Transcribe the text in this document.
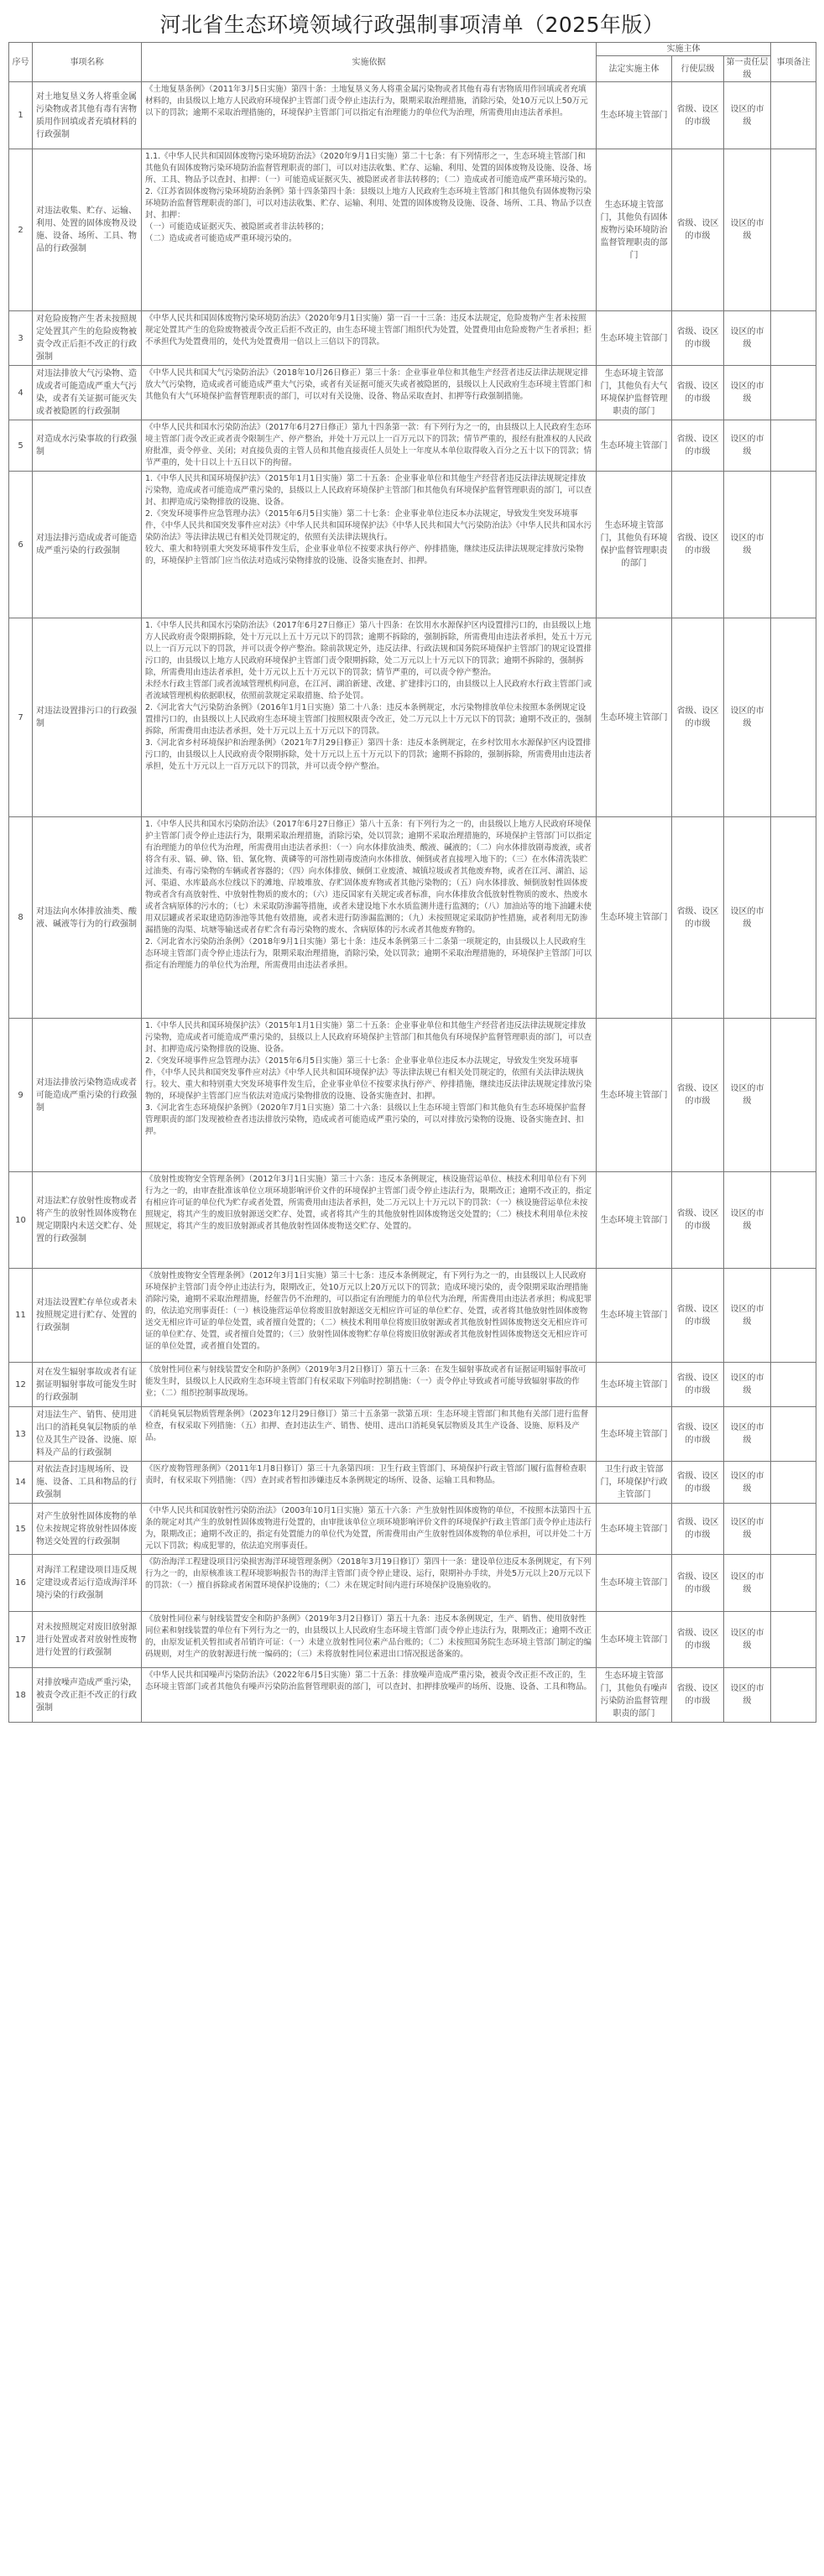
河北省生态环境领域行政强制事项清单（2025年版）
序号	事项名称	实施依据	实施主体			事项备注
			法定实施主体	行使层级	第一责任层级	
1	对土地复垦义务人将重金属污染物或者其他有毒有害物质用作回填或者充填材料的行政强制	《土地复垦条例》（2011年3月5日实施）第四十条：土地复垦义务人将重金属污染物或者其他有毒有害物质用作回填或者充填材料的，由县级以上地方人民政府环境保护主管部门责令停止违法行为，限期采取治理措施，消除污染，处10万元以上50万元以下的罚款；逾期不采取治理措施的，环境保护主管部门可以指定有治理能力的单位代为治理，所需费用由违法者承担。	生态环境主管部门	省级、设区的市级	设区的市级	
2	对违法收集、贮存、运输、利用、处置的固体废物及设施、设备、场所、工具、物品的行政强制	1.1.《中华人民共和国固体废物污染环境防治法》（2020年9月1日实施）第二十七条：有下列情形之一，生态环境主管部门和其他负有固体废物污染环境防治监督管理职责的部门，可以对违法收集、贮存、运输、利用、处置的固体废物及设施、设备、场所、工具、物品予以查封、扣押：（一）可能造成证据灭失、被隐匿或者非法转移的；（二）造成或者可能造成严重环境污染的。

2.《江苏省固体废物污染环境防治条例》第十四条第四十条：县级以上地方人民政府生态环境主管部门和其他负有固体废物污染环境防治监督管理职责的部门，可以对违法收集、贮存、运输、利用、处置的固体废物及设施、设备、场所、工具、物品予以查封、扣押：

（一）可能造成证据灭失、被隐匿或者非法转移的；

（二）造成或者可能造成严重环境污染的。	生态环境主管部门，其他负有固体废物污染环境防治监督管理职责的部门	省级、设区的市级	设区的市级	
3	对危险废物产生者未按照规定处置其产生的危险废物被责令改正后拒不改正的行政强制	《中华人民共和国固体废物污染环境防治法》（2020年9月1日实施）第一百一十三条：违反本法规定，危险废物产生者未按照规定处置其产生的危险废物被责令改正后拒不改正的，由生态环境主管部门组织代为处置，处置费用由危险废物产生者承担；拒不承担代为处置费用的，处代为处置费用一倍以上三倍以下的罚款。	生态环境主管部门	省级、设区的市级	设区的市级	
4	对违法排放大气污染物、造成或者可能造成严重大气污染，或者有关证据可能灭失或者被隐匿的行政强制	《中华人民共和国大气污染防治法》（2018年10月26日修正）第三十条：企业事业单位和其他生产经营者违反法律法规规定排放大气污染物，造成或者可能造成严重大气污染，或者有关证据可能灭失或者被隐匿的，县级以上人民政府生态环境主管部门和其他负有大气环境保护监督管理职责的部门，可以对有关设施、设备、物品采取查封、扣押等行政强制措施。	生态环境主管部门，其他负有大气环境保护监督管理职责的部门	省级、设区的市级	设区的市级	
5	对造成水污染事故的行政强制	《中华人民共和国水污染防治法》（2017年6月27日修正）第九十四条第一款：有下列行为之一的，由县级以上人民政府生态环境主管部门责令改正或者责令限制生产、停产整治，并处十万元以上一百万元以下的罚款；情节严重的，报经有批准权的人民政府批准，责令停业、关闭；对直接负责的主管人员和其他直接责任人员处上一年度从本单位取得收入百分之五十以下的罚款；情节严重的，处十日以上十五日以下的拘留。	生态环境主管部门	省级、设区的市级	设区的市级	
6	对违法排污造成或者可能造成严重污染的行政强制	1.《中华人民共和国环境保护法》（2015年1月1日实施）第二十五条：企业事业单位和其他生产经营者违反法律法规规定排放污染物，造成或者可能造成严重污染的，县级以上人民政府环境保护主管部门和其他负有环境保护监督管理职责的部门，可以查封、扣押造成污染物排放的设施、设备。

2.《突发环境事件应急管理办法》（2015年6月5日实施）第二十七条：企业事业单位违反本办法规定，导致发生突发环境事件，《中华人民共和国突发事件应对法》《中华人民共和国环境保护法》《中华人民共和国大气污染防治法》《中华人民共和国水污染防治法》等法律法规已有相关处罚规定的，依照有关法律法规执行。

较大、重大和特别重大突发环境事件发生后，企业事业单位不按要求执行停产、停排措施，继续违反法律法规规定排放污染物的，环境保护主管部门应当依法对造成污染物排放的设施、设备实施查封、扣押。	生态环境主管部门，其他负有环境保护监督管理职责的部门	省级、设区的市级	设区的市级	
7	对违法设置排污口的行政强制	1.《中华人民共和国水污染防治法》（2017年6月27日修正）第八十四条：在饮用水水源保护区内设置排污口的，由县级以上地方人民政府责令限期拆除，处十万元以上五十万元以下的罚款；逾期不拆除的，强制拆除，所需费用由违法者承担，处五十万元以上一百万元以下的罚款，并可以责令停产整治。除前款规定外，违反法律、行政法规和国务院环境保护主管部门的规定设置排污口的，由县级以上地方人民政府环境保护主管部门责令限期拆除，处二万元以上十万元以下的罚款；逾期不拆除的，强制拆除，所需费用由违法者承担，处十万元以上五十万元以下的罚款；情节严重的，可以责令停产整治。

未经水行政主管部门或者流域管理机构同意，在江河、湖泊新建、改建、扩建排污口的，由县级以上人民政府水行政主管部门或者流域管理机构依据职权，依照前款规定采取措施、给予处罚。

2.《河北省大气污染防治条例》（2016年1月1日实施）第二十八条：违反本条例规定，水污染物排放单位未按照本条例规定设置排污口的，由县级以上人民政府生态环境主管部门按照权限责令改正，处二万元以上十万元以下的罚款；逾期不改正的，强制拆除，所需费用由违法者承担，处十万元以上五十万元以下的罚款。

3.《河北省乡村环境保护和治理条例》（2021年7月29日修正）第四十条：违反本条例规定，在乡村饮用水水源保护区内设置排污口的，由县级以上人民政府责令限期拆除，处十万元以上五十万元以下的罚款；逾期不拆除的，强制拆除，所需费用由违法者承担，处五十万元以上一百万元以下的罚款，并可以责令停产整治。	生态环境主管部门	省级、设区的市级	设区的市级	
8	对违法向水体排放油类、酸液、碱液等行为的行政强制	1.《中华人民共和国水污染防治法》（2017年6月27日修正）第八十五条：有下列行为之一的，由县级以上地方人民政府环境保护主管部门责令停止违法行为，限期采取治理措施，消除污染，处以罚款；逾期不采取治理措施的，环境保护主管部门可以指定有治理能力的单位代为治理，所需费用由违法者承担：（一）向水体排放油类、酸液、碱液的；（二）向水体排放剧毒废液，或者将含有汞、镉、砷、铬、铅、氰化物、黄磷等的可溶性剧毒废渣向水体排放、倾倒或者直接埋入地下的；（三）在水体清洗装贮过油类、有毒污染物的车辆或者容器的；（四）向水体排放、倾倒工业废渣、城镇垃圾或者其他废弃物，或者在江河、湖泊、运河、渠道、水库最高水位线以下的滩地、岸坡堆放、存贮固体废弃物或者其他污染物的；（五）向水体排放、倾倒放射性固体废物或者含有高放射性、中放射性物质的废水的；（六）违反国家有关规定或者标准，向水体排放含低放射性物质的废水、热废水或者含病原体的污水的；（七）未采取防渗漏等措施，或者未建设地下水水质监测井进行监测的；（八）加油站等的地下油罐未使用双层罐或者采取建造防渗池等其他有效措施，或者未进行防渗漏监测的；（九）未按照规定采取防护性措施，或者利用无防渗漏措施的沟渠、坑塘等输送或者存贮含有毒污染物的废水、含病原体的污水或者其他废弃物的。

2.《河北省水污染防治条例》（2018年9月1日实施）第七十条：违反本条例第三十二条第一项规定的，由县级以上人民政府生态环境主管部门责令停止违法行为，限期采取治理措施，消除污染，处以罚款；逾期不采取治理措施的，环境保护主管部门可以指定有治理能力的单位代为治理，所需费用由违法者承担。	生态环境主管部门	省级、设区的市级	设区的市级	
9	对违法排放污染物造成或者可能造成严重污染的行政强制	1.《中华人民共和国环境保护法》（2015年1月1日实施）第二十五条：企业事业单位和其他生产经营者违反法律法规规定排放污染物，造成或者可能造成严重污染的，县级以上人民政府环境保护主管部门和其他负有环境保护监督管理职责的部门，可以查封、扣押造成污染物排放的设施、设备。

2.《突发环境事件应急管理办法》（2015年6月5日实施）第三十七条：企业事业单位违反本办法规定，导致发生突发环境事件，《中华人民共和国突发事件应对法》《中华人民共和国环境保护法》等法律法规已有相关处罚规定的，依照有关法律法规执行。较大、重大和特别重大突发环境事件发生后，企业事业单位不按要求执行停产、停排措施，继续违反法律法规规定排放污染物的，环境保护主管部门应当依法对造成污染物排放的设施、设备实施查封、扣押。

3.《河北省生态环境保护条例》（2020年7月1日实施）第二十六条：县级以上生态环境主管部门和其他负有生态环境保护监督管理职责的部门发现被检查者违法排放污染物，造成或者可能造成严重污染的，可以对排放污染物的设施、设备实施查封、扣押。	生态环境主管部门	省级、设区的市级	设区的市级	
10	对违法贮存放射性废物或者将产生的放射性固体废物在规定期限内未送交贮存、处置的行政强制	《放射性废物安全管理条例》（2012年3月1日实施）第三十六条：违反本条例规定，核设施营运单位、核技术利用单位有下列行为之一的，由审查批准该单位立项环境影响评价文件的环境保护主管部门责令停止违法行为，限期改正；逾期不改正的，指定有相应许可证的单位代为贮存或者处置，所需费用由违法者承担，处二万元以上十万元以下的罚款：（一）核设施营运单位未按照规定，将其产生的废旧放射源送交贮存、处置，或者将其产生的其他放射性固体废物送交处置的；（二）核技术利用单位未按照规定，将其产生的废旧放射源或者其他放射性固体废物送交贮存、处置的。	生态环境主管部门	省级、设区的市级	设区的市级	
11	对违法设置贮存单位或者未按照规定进行贮存、处置的行政强制	《放射性废物安全管理条例》（2012年3月1日实施）第三十七条：违反本条例规定，有下列行为之一的，由县级以上人民政府环境保护主管部门责令停止违法行为，限期改正，处10万元以上20万元以下的罚款；造成环境污染的，责令限期采取治理措施消除污染，逾期不采取治理措施，经催告仍不治理的，可以指定有治理能力的单位代为治理，所需费用由违法者承担；构成犯罪的，依法追究刑事责任：（一）核设施营运单位将废旧放射源送交无相应许可证的单位贮存、处置，或者将其他放射性固体废物送交无相应许可证的单位处置，或者擅自处置的；（二）核技术利用单位将废旧放射源或者其他放射性固体废物送交无相应许可证的单位贮存、处置，或者擅自处置的；（三）放射性固体废物贮存单位将废旧放射源或者其他放射性固体废物送交无相应许可证的单位处置，或者擅自处置的。	生态环境主管部门	省级、设区的市级	设区的市级	
12	对在发生辐射事故或者有证据证明辐射事故可能发生时的行政强制	《放射性同位素与射线装置安全和防护条例》（2019年3月2日修订）第五十三条：在发生辐射事故或者有证据证明辐射事故可能发生时，县级以上人民政府生态环境主管部门有权采取下列临时控制措施：（一）责令停止导致或者可能导致辐射事故的作业；（二）组织控制事故现场。	生态环境主管部门	省级、设区的市级	设区的市级	
13	对违法生产、销售、使用进出口的消耗臭氧层物质的单位及其生产设备、设施、原料及产品的行政强制	《消耗臭氧层物质管理条例》（2023年12月29日修订）第三十五条第一款第五项：生态环境主管部门和其他有关部门进行监督检查，有权采取下列措施：（五）扣押、查封违法生产、销售、使用、进出口消耗臭氧层物质及其生产设备、设施、原料及产品。	生态环境主管部门	省级、设区的市级	设区的市级	
14	对依法查封违规场所、设施、设备、工具和物品的行政强制	《医疗废物管理条例》（2011年1月8日修订）第三十九条第四项：卫生行政主管部门、环境保护行政主管部门履行监督检查职责时，有权采取下列措施：（四）查封或者暂扣涉嫌违反本条例规定的场所、设备、运输工具和物品。	卫生行政主管部门，环境保护行政主管部门	省级、设区的市级	设区的市级	
15	对产生放射性固体废物的单位未按规定将放射性固体废物送交处置的行政强制	《中华人民共和国放射性污染防治法》（2003年10月1日实施）第五十六条：产生放射性固体废物的单位，不按照本法第四十五条的规定对其产生的放射性固体废物进行处置的，由审批该单位立项环境影响评价文件的环境保护行政主管部门责令停止违法行为，限期改正；逾期不改正的，指定有处置能力的单位代为处置，所需费用由产生放射性固体废物的单位承担，可以并处二十万元以下罚款；构成犯罪的，依法追究刑事责任。	生态环境主管部门	省级、设区的市级	设区的市级	
16	对海洋工程建设项目违反规定建设或者运行造成海洋环境污染的行政强制	《防治海洋工程建设项目污染损害海洋环境管理条例》（2018年3月19日修订）第四十一条：建设单位违反本条例规定，有下列行为之一的，由原核准该工程环境影响报告书的海洋主管部门责令停止建设、运行，限期补办手续，并处5万元以上20万元以下的罚款：（一）擅自拆除或者闲置环境保护设施的；（二）未在规定时间内进行环境保护设施验收的。	生态环境主管部门	省级、设区的市级	设区的市级	
17	对未按照规定对废旧放射源进行处置或者对放射性废物进行处置的行政强制	《放射性同位素与射线装置安全和防护条例》（2019年3月2日修订）第五十九条：违反本条例规定，生产、销售、使用放射性同位素和射线装置的单位有下列行为之一的，由县级以上人民政府生态环境主管部门责令停止违法行为，限期改正；逾期不改正的，由原发证机关暂扣或者吊销许可证：（一）未建立放射性同位素产品台账的；（二）未按照国务院生态环境主管部门制定的编码规则，对生产的放射源进行统一编码的；（三）未将放射性同位素进出口情况报送备案的。	生态环境主管部门	省级、设区的市级	设区的市级	
18	对排放噪声造成严重污染，被责令改正拒不改正的行政强制	《中华人民共和国噪声污染防治法》（2022年6月5日实施）第二十五条：排放噪声造成严重污染，被责令改正拒不改正的，生态环境主管部门或者其他负有噪声污染防治监督管理职责的部门，可以查封、扣押排放噪声的场所、设施、设备、工具和物品。	生态环境主管部门，其他负有噪声污染防治监督管理职责的部门	省级、设区的市级	设区的市级	
